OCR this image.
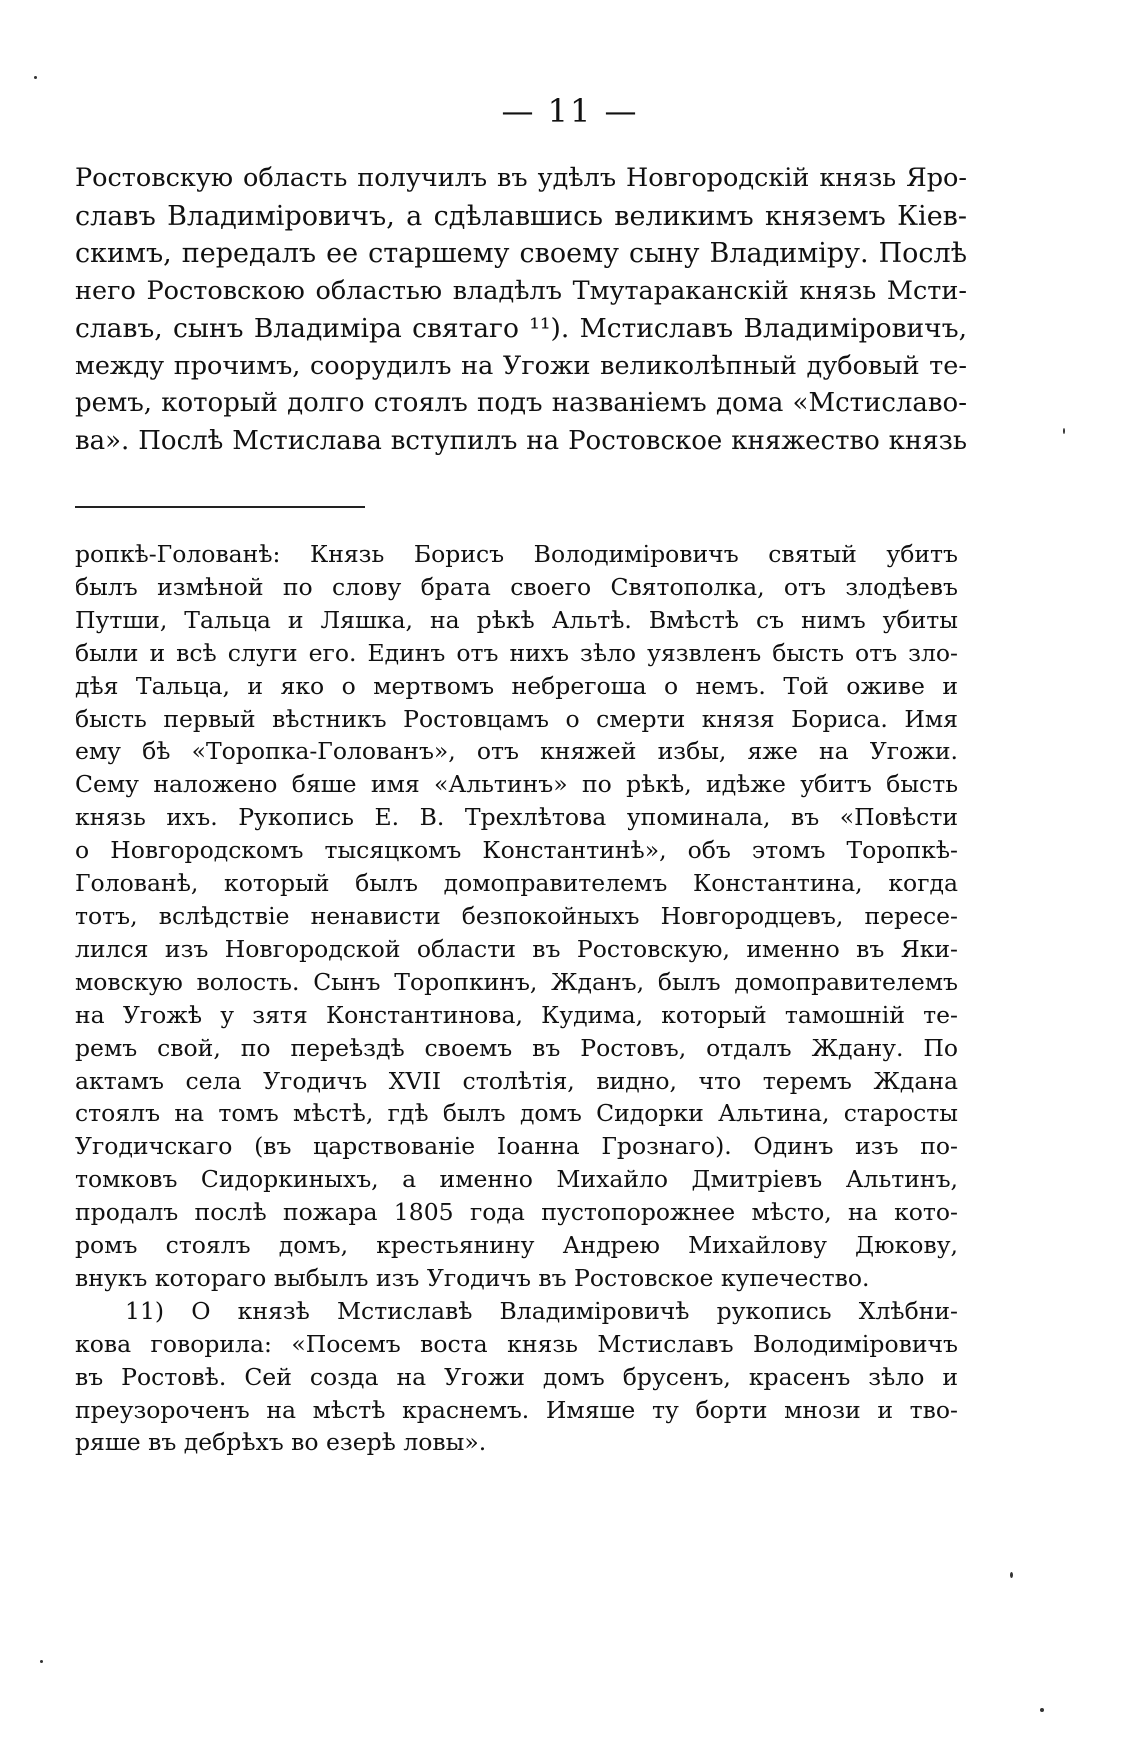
— 11 —
Ростовскую область получилъ въ удѣлъ Новгородскій князь Яро-
славъ Владиміровичъ, а сдѣлавшись великимъ княземъ Кіев-
скимъ, передалъ ее старшему своему сыну Владиміру. Послѣ
него Ростовскою областью владѣлъ Тмутараканскій князь Мсти-
славъ, сынъ Владиміра святаго ¹¹). Мстиславъ Владиміровичъ,
между прочимъ, соорудилъ на Угожи великолѣпный дубовый те-
ремъ, который долго стоялъ подъ названіемъ дома «Мстиславо-
ва». Послѣ Мстислава вступилъ на Ростовское княжество князь
ропкѣ-Голованѣ: Князь Борисъ Володиміровичъ святый убитъ
былъ измѣной по слову брата своего Святополка, отъ злодѣевъ
Путши, Тальца и Ляшка, на рѣкѣ Альтѣ. Вмѣстѣ съ нимъ убиты
были и всѣ слуги его. Единъ отъ нихъ зѣло уязвленъ бысть отъ зло-
дѣя Тальца, и яко о мертвомъ небрегоша о немъ. Той оживе и
бысть первый вѣстникъ Ростовцамъ о смерти князя Бориса. Имя
ему бѣ «Торопка-Голованъ», отъ княжей избы, яже на Угожи.
Сему наложено бяше имя «Альтинъ» по рѣкѣ, идѣже убитъ бысть
князь ихъ. Рукопись Е. В. Трехлѣтова упоминала, въ «Повѣсти
о Новгородскомъ тысяцкомъ Константинѣ», объ этомъ Торопкѣ-
Голованѣ, который былъ домоправителемъ Константина, когда
тотъ, вслѣдствіе ненависти безпокойныхъ Новгородцевъ, пересе-
лился изъ Новгородской области въ Ростовскую, именно въ Яки-
мовскую волость. Сынъ Торопкинъ, Жданъ, былъ домоправителемъ
на Угожѣ у зятя Константинова, Кудима, который тамошній те-
ремъ свой, по переѣздѣ своемъ въ Ростовъ, отдалъ Ждану. По
актамъ села Угодичъ XVII столѣтія, видно, что теремъ Ждана
стоялъ на томъ мѣстѣ, гдѣ былъ домъ Сидорки Альтина, старосты
Угодичскаго (въ царствованіе Іоанна Грознаго). Одинъ изъ по-
томковъ Сидоркиныхъ, а именно Михайло Дмитріевъ Альтинъ,
продалъ послѣ пожара 1805 года пустопорожнее мѣсто, на кото-
ромъ стоялъ домъ, крестьянину Андрею Михайлову Дюкову,
внукъ котораго выбылъ изъ Угодичъ въ Ростовское купечество.
11) О князѣ Мстиславѣ Владиміровичѣ рукопись Хлѣбни-
кова говорила: «Посемъ воста князь Мстиславъ Володиміровичъ
въ Ростовѣ. Сей созда на Угожи домъ брусенъ, красенъ зѣло и
преузороченъ на мѣстѣ краснемъ. Имяше ту борти мнози и тво-
ряше въ дебрѣхъ во езерѣ ловы».
